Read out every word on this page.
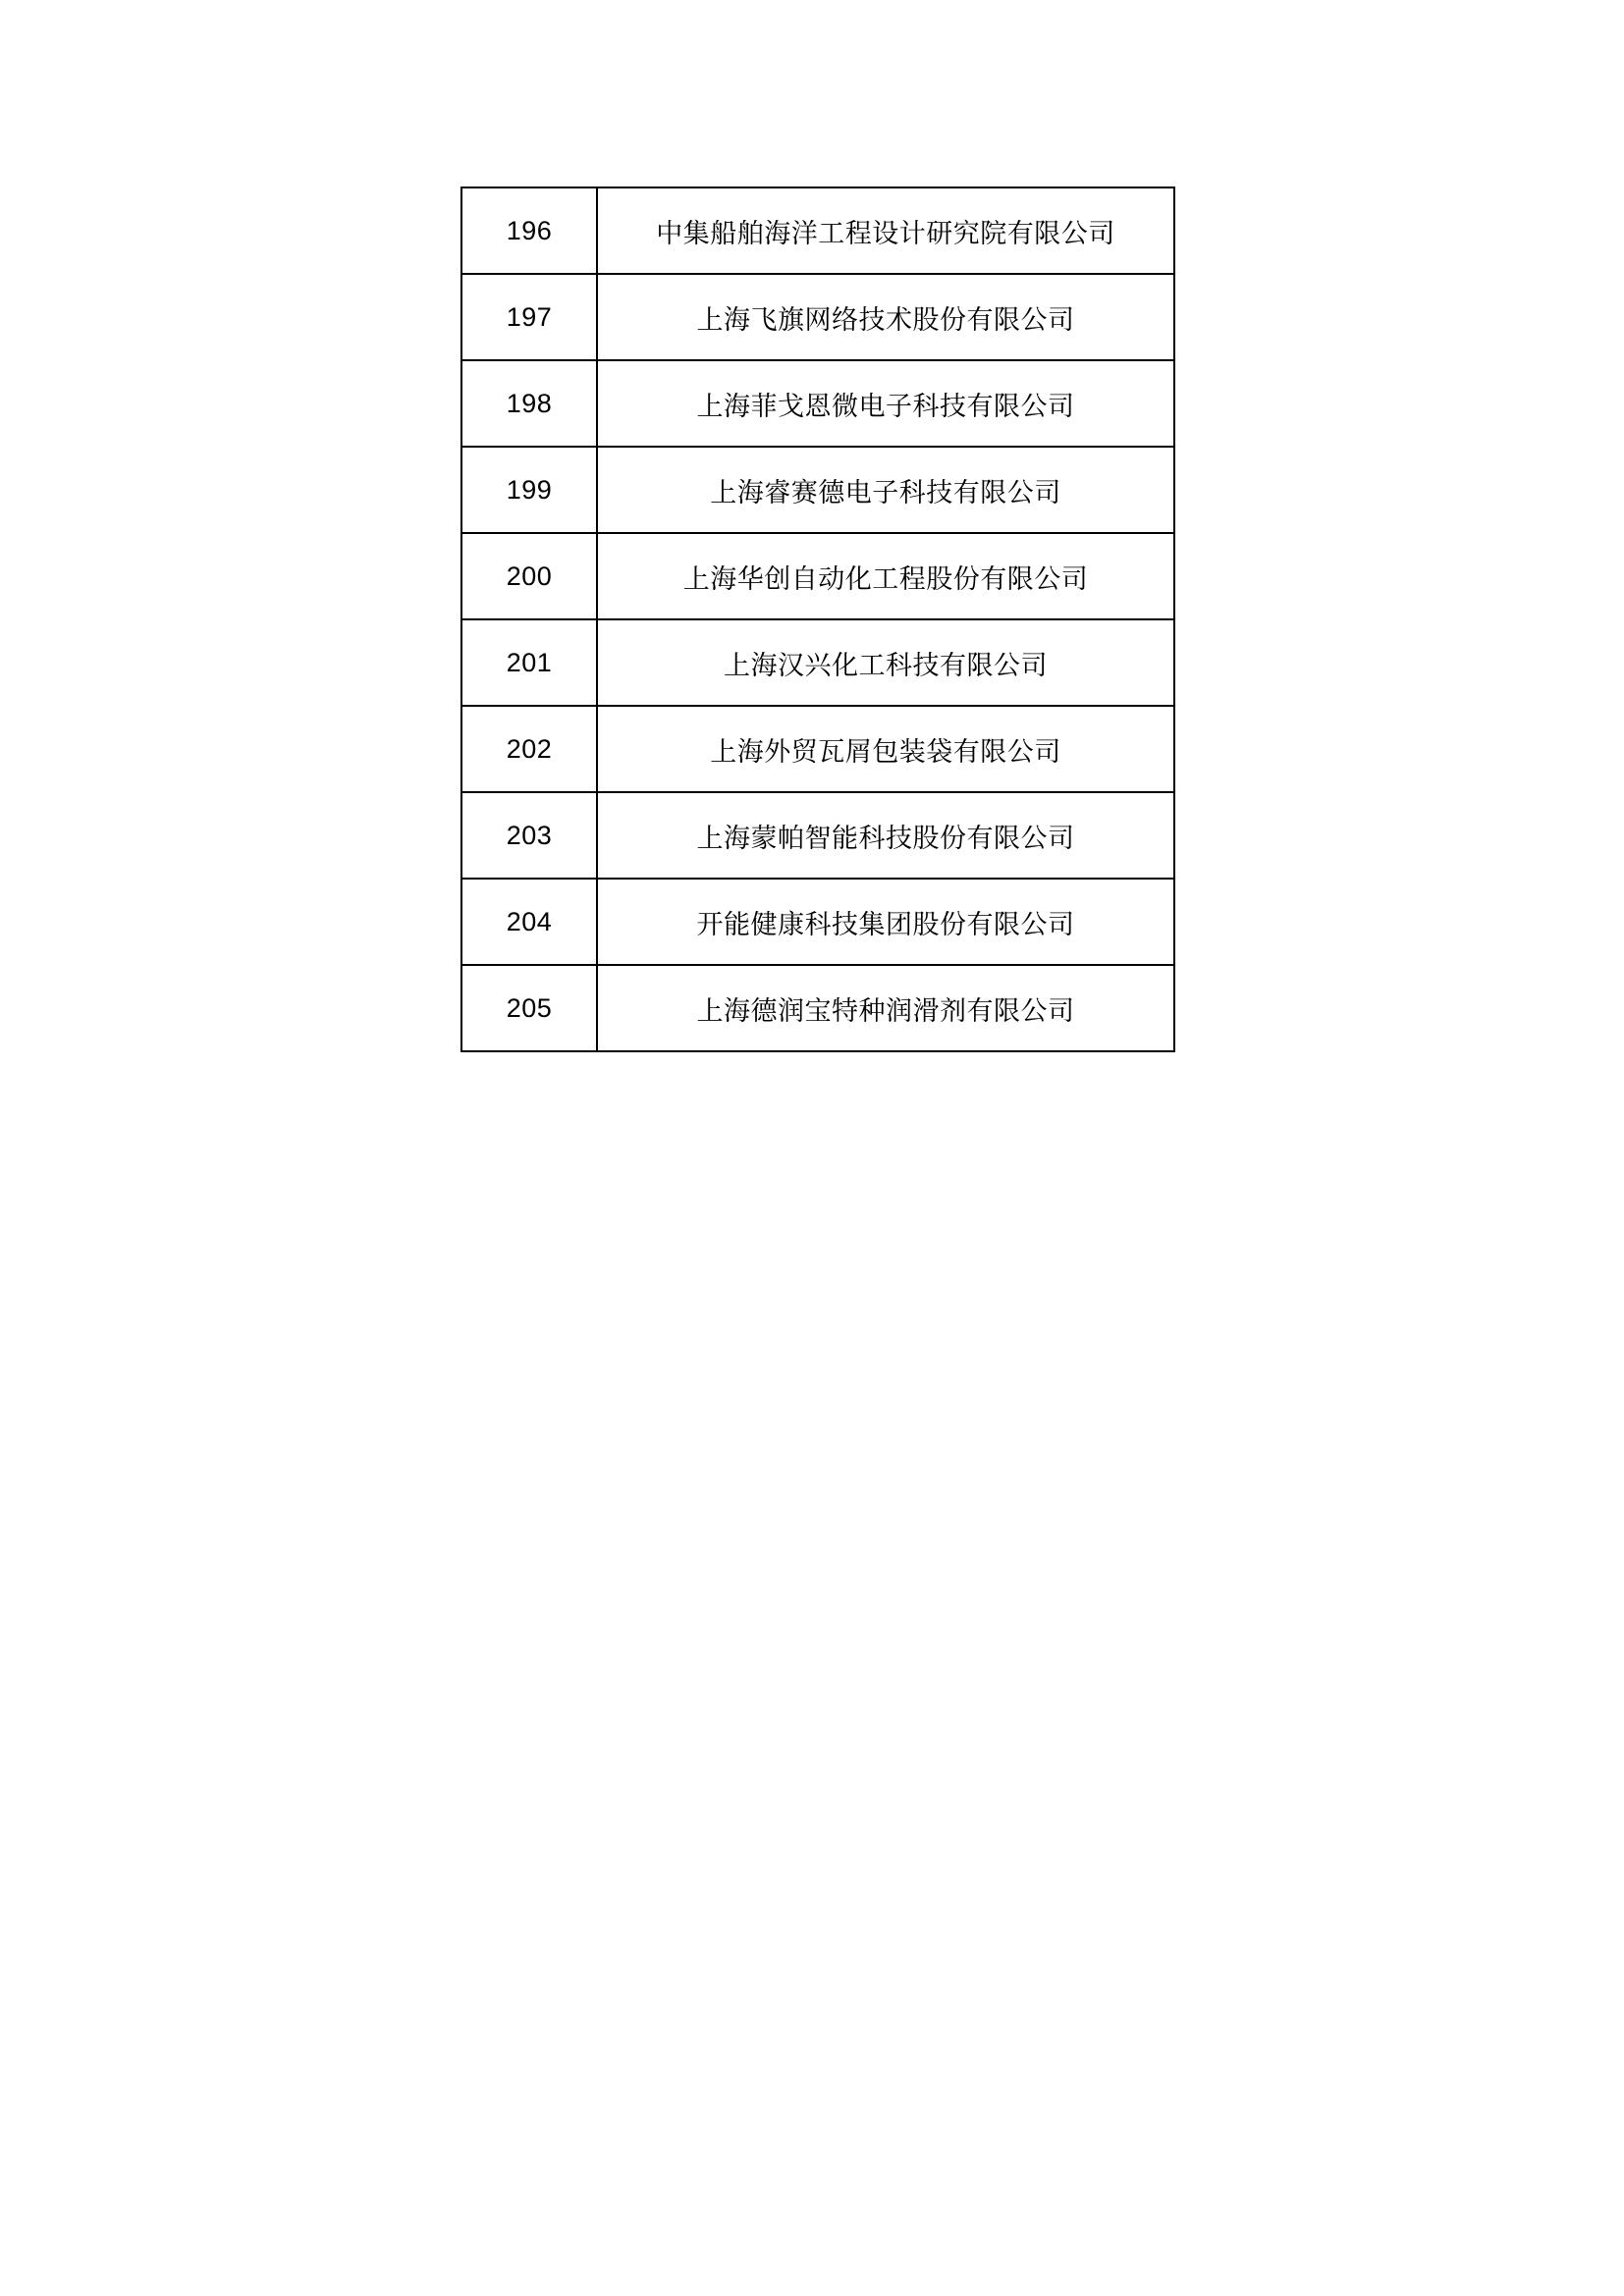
196	中集船舶海洋工程设计研究院有限公司
197	上海飞旗网络技术股份有限公司
198	上海菲戈恩微电子科技有限公司
199	上海睿赛德电子科技有限公司
200	上海华创自动化工程股份有限公司
201	上海汉兴化工科技有限公司
202	上海外贸瓦屑包装袋有限公司
203	上海蒙帕智能科技股份有限公司
204	开能健康科技集团股份有限公司
205	上海德润宝特种润滑剂有限公司
